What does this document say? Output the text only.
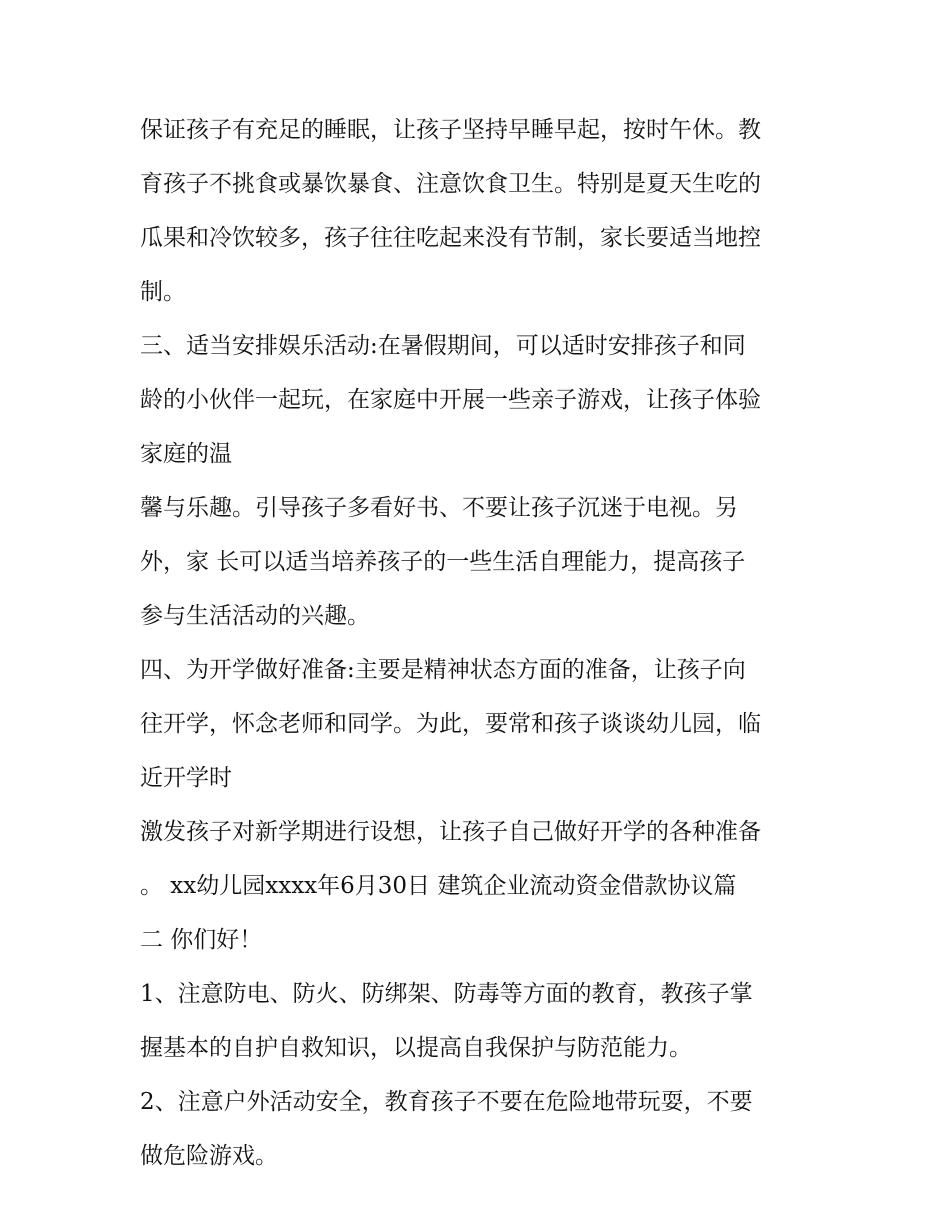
保证孩子有充足的睡眠，让孩子坚持早睡早起，按时午休。教
育孩子不挑食或暴饮暴食、注意饮食卫生。特别是夏天生吃的
瓜果和冷饮较多，孩子往往吃起来没有节制，家长要适当地控
制。
三、适当安排娱乐活动:在暑假期间，可以适时安排孩子和同
龄的小伙伴一起玩，在家庭中开展一些亲子游戏，让孩子体验
家庭的温
馨与乐趣。引导孩子多看好书、不要让孩子沉迷于电视。另
外，家 长可以适当培养孩子的一些生活自理能力，提高孩子
参与生活活动的兴趣。
四、为开学做好准备:主要是精神状态方面的准备，让孩子向
往开学，怀念老师和同学。为此，要常和孩子谈谈幼儿园，临
近开学时
激发孩子对新学期进行设想，让孩子自己做好开学的各种准备
。 xx幼儿园xxxx年6月30日 建筑企业流动资金借款协议篇
二 你们好！
1、注意防电、防火、防绑架、防毒等方面的教育，教孩子掌
握基本的自护自救知识，以提高自我保护与防范能力。
2、注意户外活动安全，教育孩子不要在危险地带玩耍，不要
做危险游戏。
